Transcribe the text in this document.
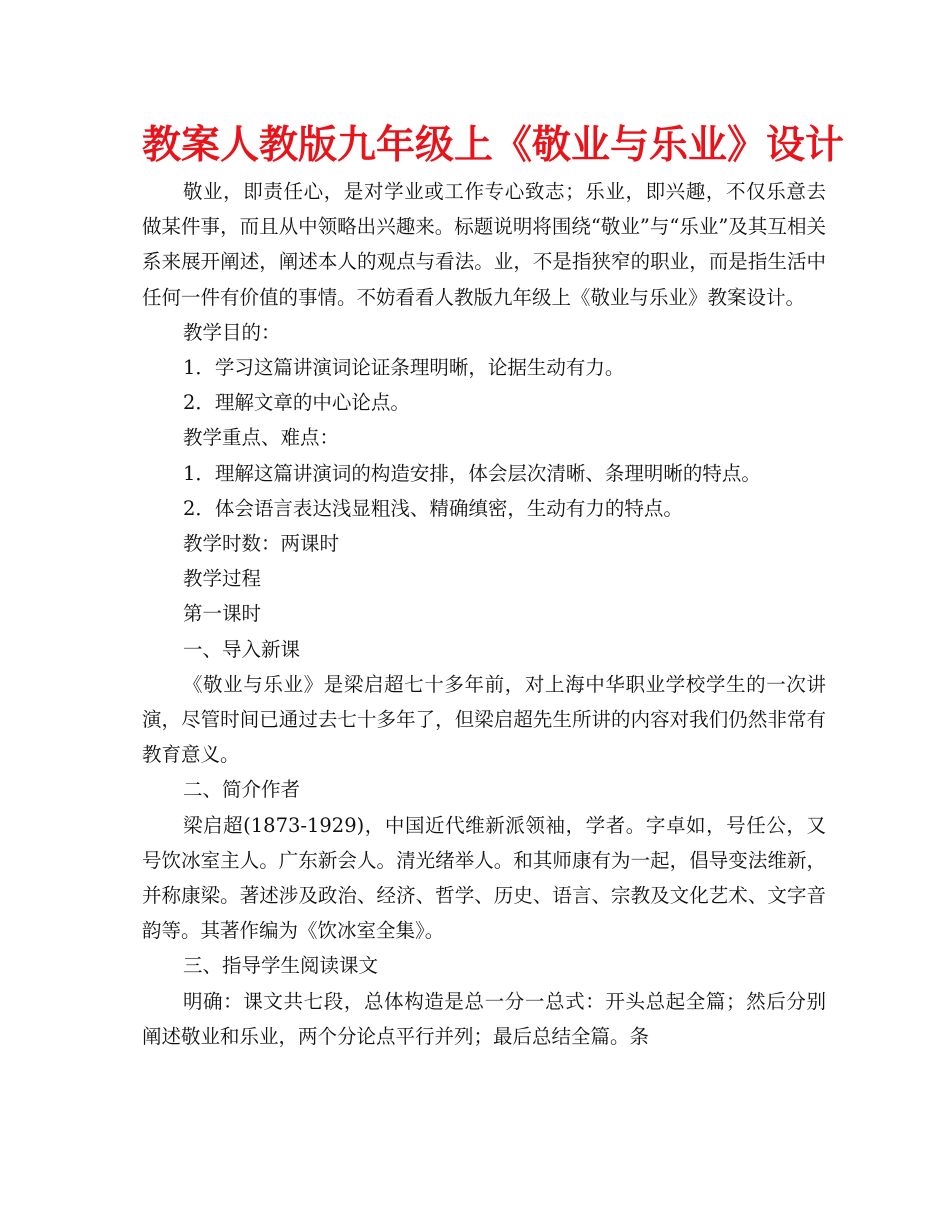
教案人教版九年级上《敬业与乐业》设计

敬业，即责任心，是对学业或工作专心致志；乐业，即兴趣，不仅乐意去做某件事，而且从中领略出兴趣来。标题说明将围绕“敬业”与“乐业”及其互相关系来展开阐述，阐述本人的观点与看法。业，不是指狭窄的职业，而是指生活中任何一件有价值的事情。不妨看看人教版九年级上《敬业与乐业》教案设计。

教学目的：

1．学习这篇讲演词论证条理明晰，论据生动有力。

2．理解文章的中心论点。

教学重点、难点：

1．理解这篇讲演词的构造安排，体会层次清晰、条理明晰的特点。

2．体会语言表达浅显粗浅、精确缜密，生动有力的特点。

教学时数：两课时

教学过程

第一课时

一、导入新课

《敬业与乐业》是梁启超七十多年前，对上海中华职业学校学生的一次讲演，尽管时间已通过去七十多年了，但梁启超先生所讲的内容对我们仍然非常有教育意义。

二、简介作者

梁启超(1873-1929)，中国近代维新派领袖，学者。字卓如，号任公，又号饮冰室主人。广东新会人。清光绪举人。和其师康有为一起，倡导变法维新，并称康梁。著述涉及政治、经济、哲学、历史、语言、宗教及文化艺术、文字音韵等。其著作编为《饮冰室全集》。

三、指导学生阅读课文

明确：课文共七段，总体构造是总一分一总式：开头总起全篇；然后分别阐述敬业和乐业，两个分论点平行并列；最后总结全篇。条
